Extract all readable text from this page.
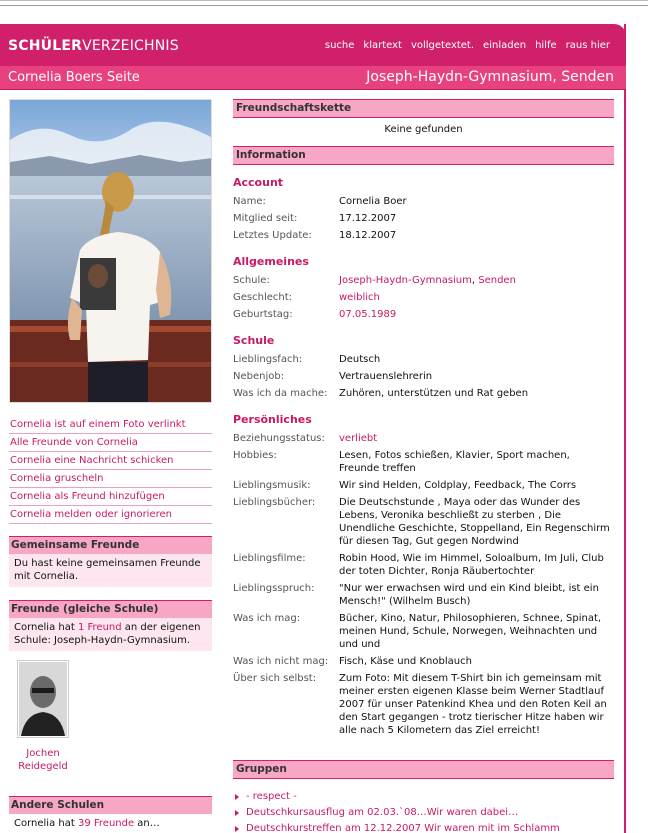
SCHÜLERVERZEICHNIS	suche klartext vollgetextet. einladen hilfe raus hier
Cornelia Boers Seite	Joseph-Haydn-Gymnasium, Senden
Cornelia ist auf einem Foto verlinkt
Alle Freunde von Cornelia
Cornelia eine Nachricht schicken
Cornelia gruscheln
Cornelia als Freund hinzufügen
Cornelia melden oder ignorieren
Gemeinsame Freunde
Du hast keine gemeinsamen Freunde mit Cornelia.
Freunde (gleiche Schule)
Cornelia hat 1 Freund an der eigenen Schule: Joseph-Haydn-Gymnasium.
Jochen
Reidegeld
Andere Schulen
Cornelia hat 39 Freunde an…
Freundschaftskette
Keine gefunden
Information
Account
Name:	Cornelia Boer
Mitglied seit:	17.12.2007
Letztes Update:	18.12.2007
Allgemeines
Schule:	Joseph-Haydn-Gymnasium, Senden
Geschlecht:	weiblich
Geburtstag:	07.05.1989
Schule
Lieblingsfach:	Deutsch
Nebenjob:	Vertrauenslehrerin
Was ich da mache:	Zuhören, unterstützen und Rat geben
Persönliches
Beziehungsstatus:	verliebt
Hobbies:	Lesen, Fotos schießen, Klavier, Sport machen, Freunde treffen
Lieblingsmusik:	Wir sind Helden, Coldplay, Feedback, The Corrs
Lieblingsbücher:	Die Deutschstunde , Maya oder das Wunder des Lebens, Veronika beschließt zu sterben , Die Unendliche Geschichte, Stoppelland, Ein Regenschirm für diesen Tag, Gut gegen Nordwind
Lieblingsfilme:	Robin Hood, Wie im Himmel, Soloalbum, Im Juli, Club der toten Dichter, Ronja Räubertochter
Lieblingsspruch:	"Nur wer erwachsen wird und ein Kind bleibt, ist ein Mensch!" (Wilhelm Busch)
Was ich mag:	Bücher, Kino, Natur, Philosophieren, Schnee, Spinat, meinen Hund, Schule, Norwegen, Weihnachten und und und
Was ich nicht mag:	Fisch, Käse und Knoblauch
Über sich selbst:	Zum Foto: Mit diesem T-Shirt bin ich gemeinsam mit meiner ersten eigenen Klasse beim Werner Stadtlauf 2007 für unser Patenkind Khea und den Roten Keil an den Start gegangen - trotz tierischer Hitze haben wir alle nach 5 Kilometern das Ziel erreicht!
Gruppen
- respect -
Deutschkursausflug am 02.03.`08…Wir waren dabei…
Deutschkurstreffen am 12.12.2007 Wir waren mit im Schlamm
